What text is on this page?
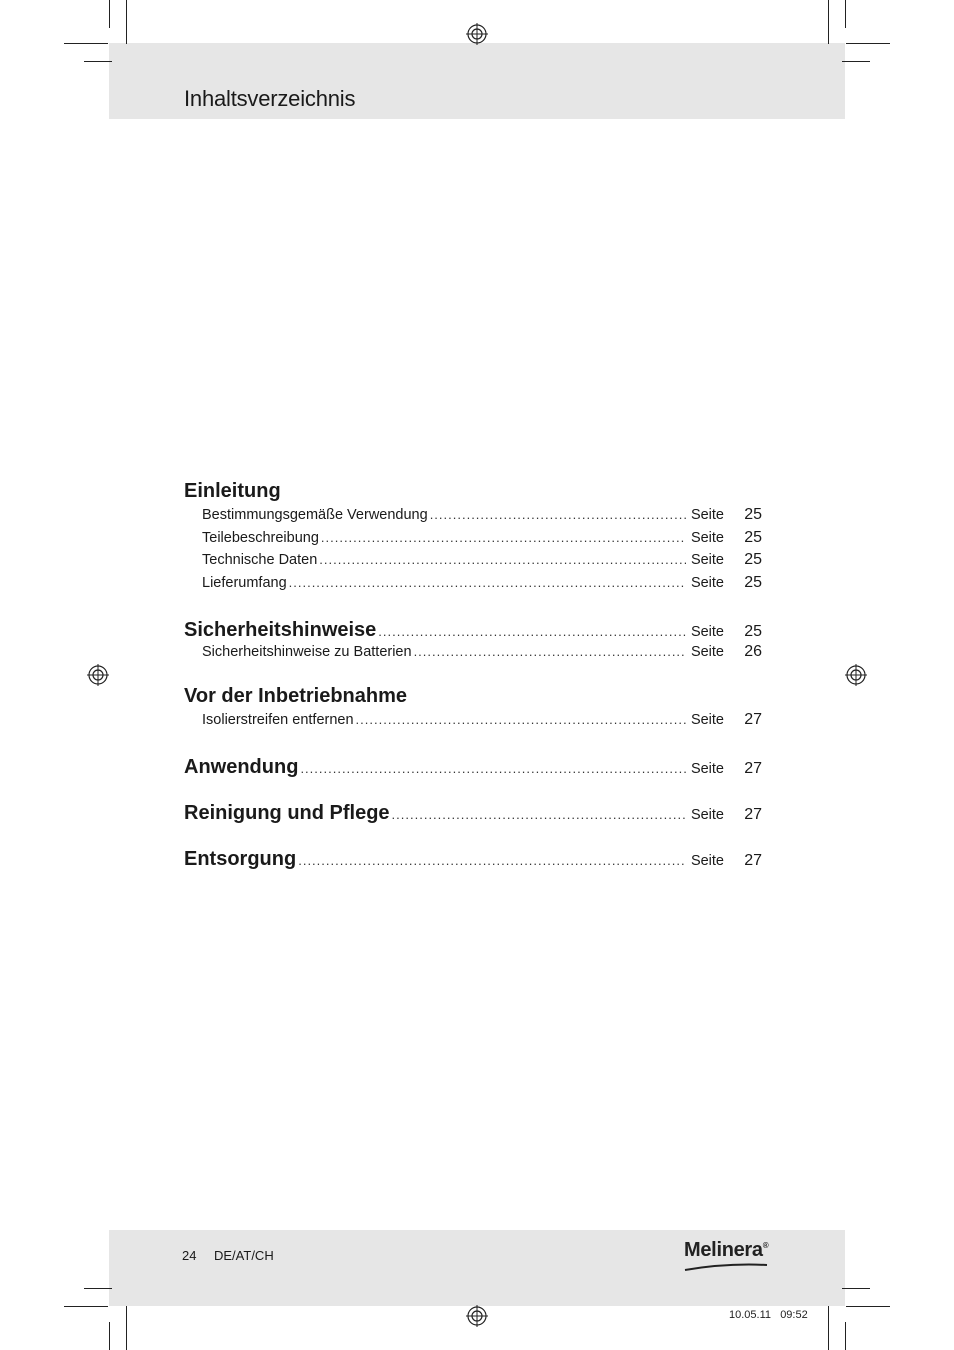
Inhaltsverzeichnis
Einleitung
Bestimmungsgemäße Verwendung .....	Seite	25
Teilebeschreibung .....	Seite	25
Technische Daten .....	Seite	25
Lieferumfang .....	Seite	25
Sicherheitshinweise .....	Seite	25
Sicherheitshinweise zu Batterien .....	Seite	26
Vor der Inbetriebnahme
Isolierstreifen entfernen .....	Seite	27
Anwendung .....	Seite	27
Reinigung und Pflege .....	Seite	27
Entsorgung .....	Seite	27
24 DE/AT/CH	Melinera®
10.05.11 09:52
